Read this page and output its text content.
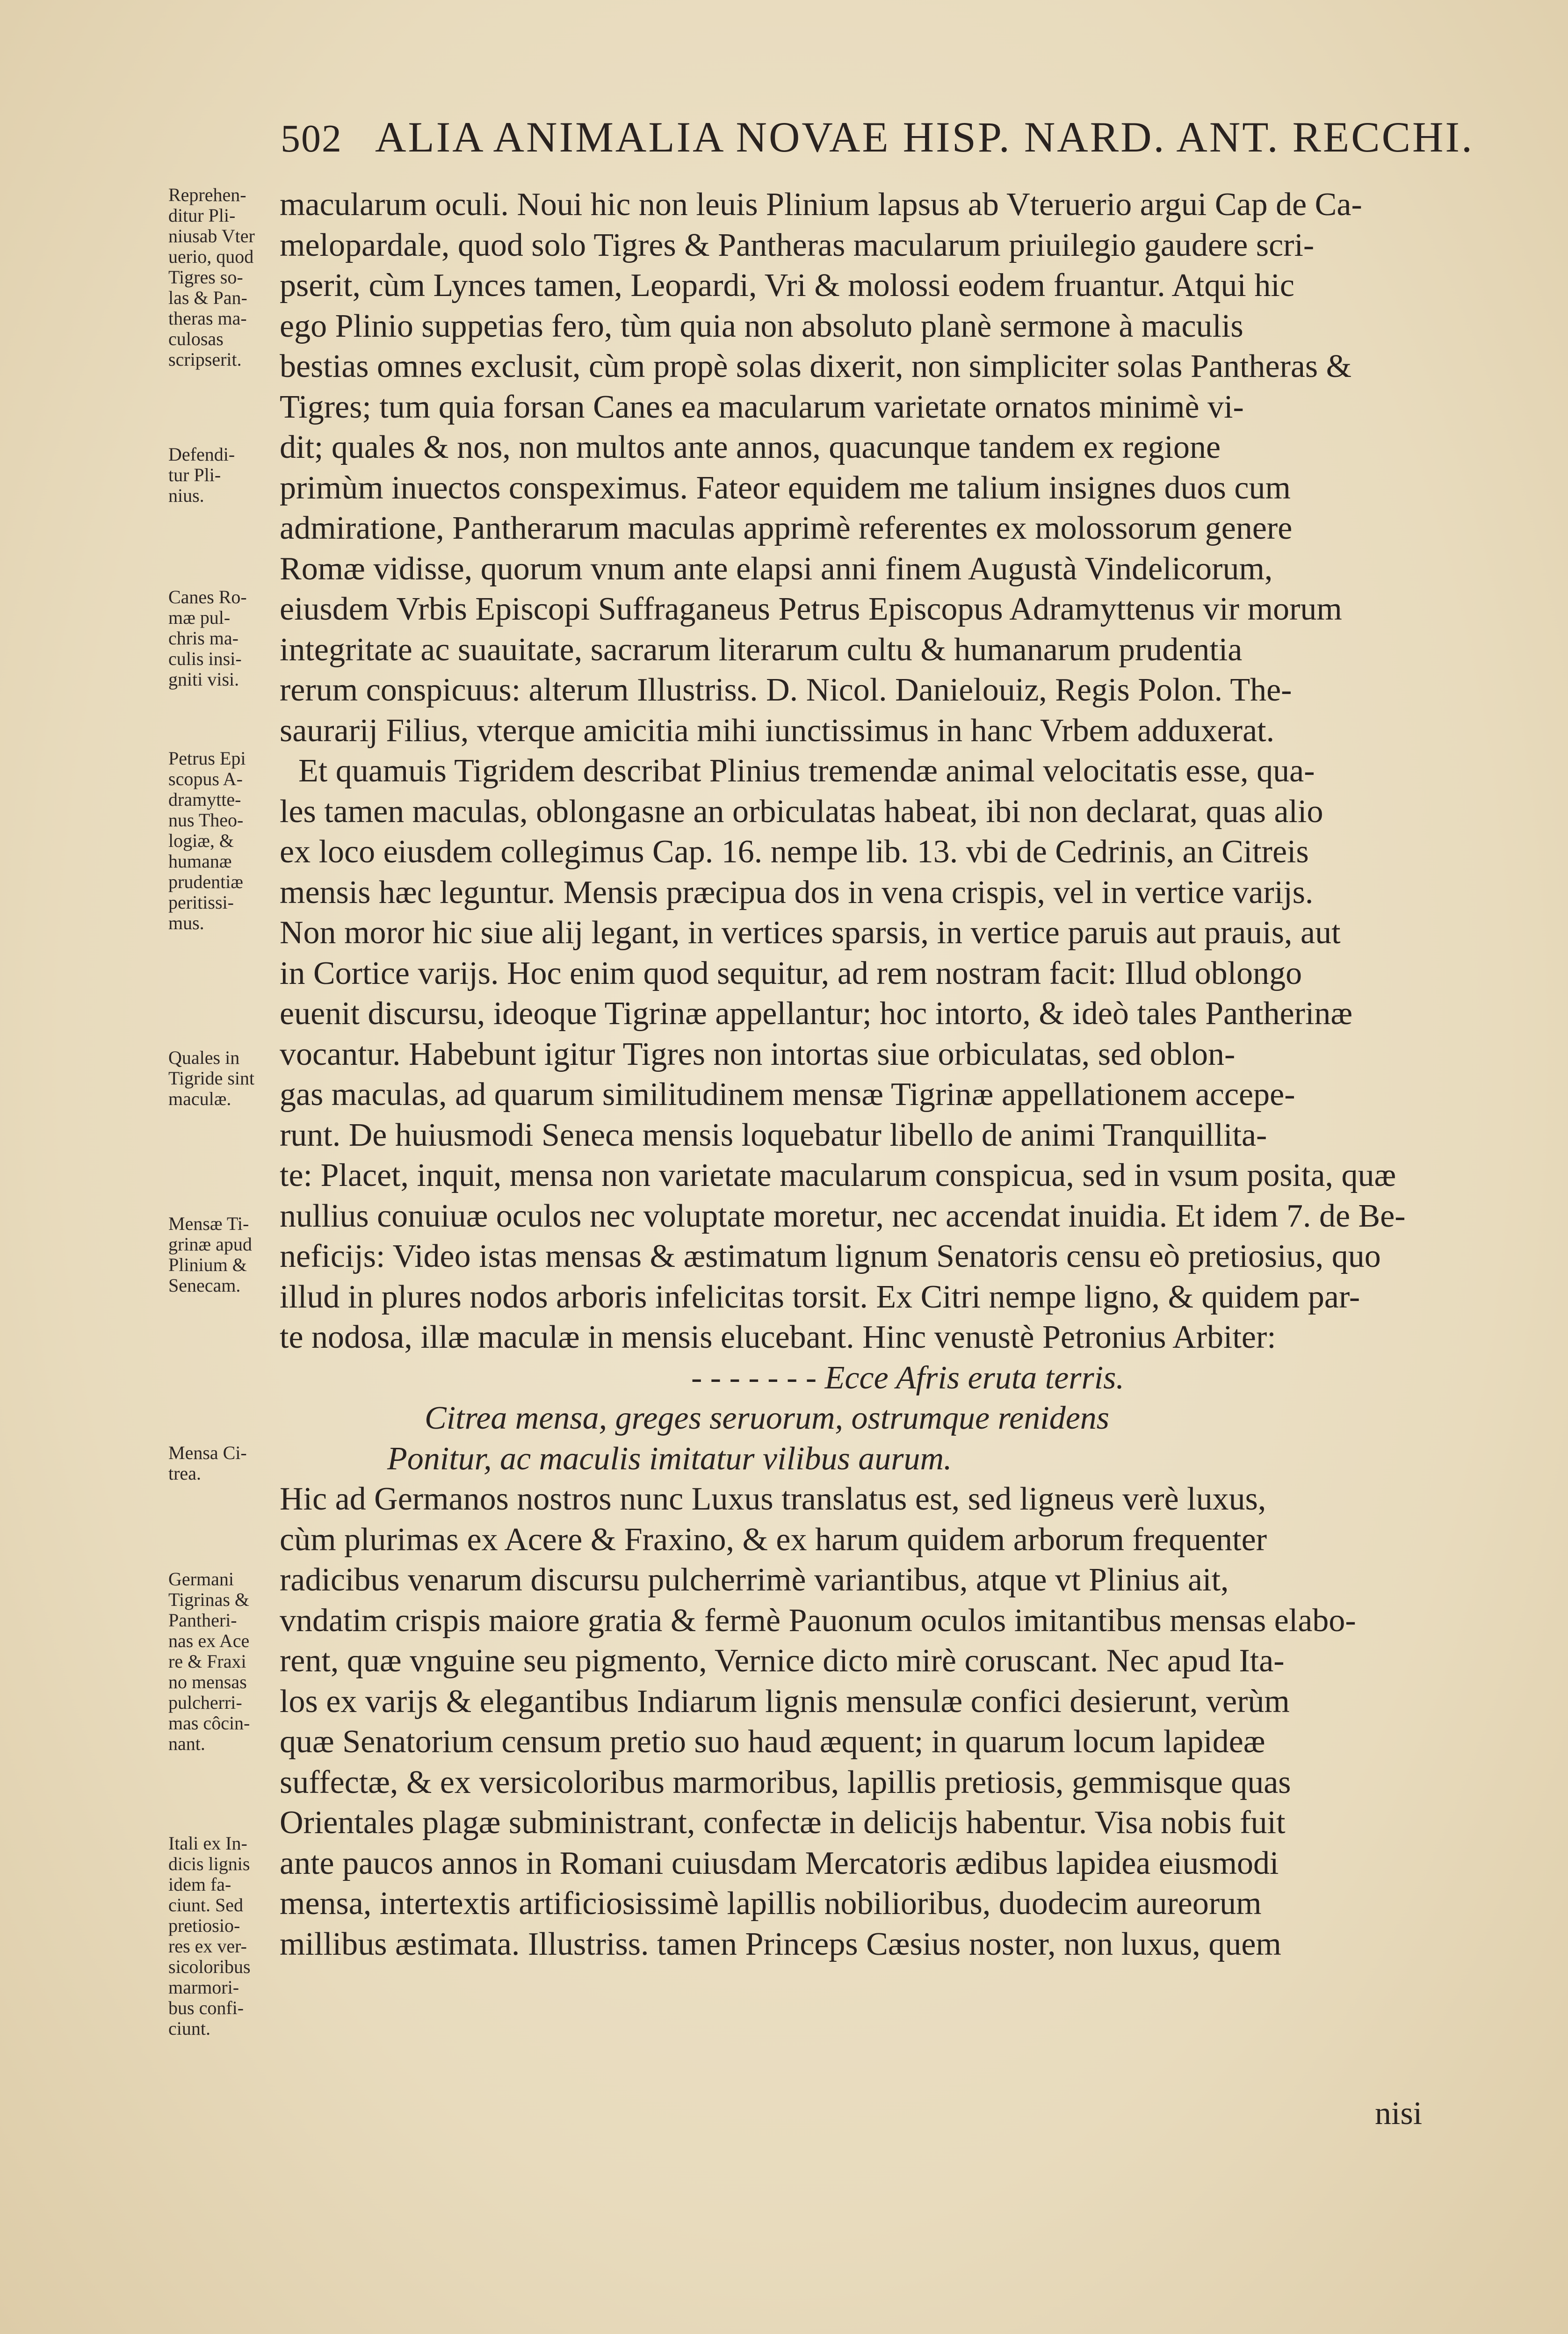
502 ALIA ANIMALIA NOVAE HISP. NARD. ANT. RECCHI.
Reprehen-
ditur Pli-
niusab Vter
uerio, quod
Tigres so-
las & Pan-
theras ma-
culosas
scripserit.
Defendi-
tur Pli-
nius.
Canes Ro-
mæ pul-
chris ma-
culis insi-
gniti visi.
Petrus Epi
scopus A-
dramytte-
nus Theo-
logiæ, &
humanæ
prudentiæ
peritissi-
mus.
Quales in
Tigride sint
maculæ.
Mensæ Ti-
grinæ apud
Plinium &
Senecam.
Mensa Ci-
trea.
Germani
Tigrinas &
Pantheri-
nas ex Ace
re & Fraxi
no mensas
pulcherri-
mas côcin-
nant.
Itali ex In-
dicis lignis
idem fa-
ciunt. Sed
pretiosio-
res ex ver-
sicoloribus
marmori-
bus confi-
ciunt.
macularum oculi. Noui hic non leuis Plinium lapsus ab Vteruerio argui Cap de Ca-
melopardale, quod solo Tigres & Pantheras macularum priuilegio gaudere scri-
pserit, cùm Lynces tamen, Leopardi, Vri & molossi eodem fruantur. Atqui hic
ego Plinio suppetias fero, tùm quia non absoluto planè sermone à maculis
bestias omnes exclusit, cùm propè solas dixerit, non simpliciter solas Pantheras &
Tigres; tum quia forsan Canes ea macularum varietate ornatos minimè vi-
dit; quales & nos, non multos ante annos, quacunque tandem ex regione
primùm inuectos conspeximus. Fateor equidem me talium insignes duos cum
admiratione, Pantherarum maculas apprimè referentes ex molossorum genere
Romæ vidisse, quorum vnum ante elapsi anni finem Augustà Vindelicorum,
eiusdem Vrbis Episcopi Suffraganeus Petrus Episcopus Adramyttenus vir morum
integritate ac suauitate, sacrarum literarum cultu & humanarum prudentia
rerum conspicuus: alterum Illustriss. D. Nicol. Danielouiz, Regis Polon. The-
saurarij Filius, vterque amicitia mihi iunctissimus in hanc Vrbem adduxerat.
Et quamuis Tigridem describat Plinius tremendæ animal velocitatis esse, qua-
les tamen maculas, oblongasne an orbiculatas habeat, ibi non declarat, quas alio
ex loco eiusdem collegimus Cap. 16. nempe lib. 13. vbi de Cedrinis, an Citreis
mensis hæc leguntur. Mensis præcipua dos in vena crispis, vel in vertice varijs.
Non moror hic siue alij legant, in vertices sparsis, in vertice paruis aut prauis, aut
in Cortice varijs. Hoc enim quod sequitur, ad rem nostram facit: Illud oblongo
euenit discursu, ideoque Tigrinæ appellantur; hoc intorto, & ideò tales Pantherinæ
vocantur. Habebunt igitur Tigres non intortas siue orbiculatas, sed oblon-
gas maculas, ad quarum similitudinem mensæ Tigrinæ appellationem accepe-
runt. De huiusmodi Seneca mensis loquebatur libello de animi Tranquillita-
te: Placet, inquit, mensa non varietate macularum conspicua, sed in vsum posita, quæ
nullius conuiuæ oculos nec voluptate moretur, nec accendat inuidia. Et idem 7. de Be-
neficijs: Video istas mensas & æstimatum lignum Senatoris censu eò pretiosius, quo
illud in plures nodos arboris infelicitas torsit. Ex Citri nempe ligno, & quidem par-
te nodosa, illæ maculæ in mensis elucebant. Hinc venustè Petronius Arbiter:
- - - - - - - Ecce Afris eruta terris.
Citrea mensa, greges seruorum, ostrumque renidens
Ponitur, ac maculis imitatur vilibus aurum.
Hic ad Germanos nostros nunc Luxus translatus est, sed ligneus verè luxus,
cùm plurimas ex Acere & Fraxino, & ex harum quidem arborum frequenter
radicibus venarum discursu pulcherrimè variantibus, atque vt Plinius ait,
vndatim crispis maiore gratia & fermè Pauonum oculos imitantibus mensas elabo-
rent, quæ vnguine seu pigmento, Vernice dicto mirè coruscant. Nec apud Ita-
los ex varijs & elegantibus Indiarum lignis mensulæ confici desierunt, verùm
quæ Senatorium censum pretio suo haud æquent; in quarum locum lapideæ
suffectæ, & ex versicoloribus marmoribus, lapillis pretiosis, gemmisque quas
Orientales plagæ subministrant, confectæ in delicijs habentur. Visa nobis fuit
ante paucos annos in Romani cuiusdam Mercatoris ædibus lapidea eiusmodi
mensa, intertextis artificiosissimè lapillis nobilioribus, duodecim aureorum
millibus æstimata. Illustriss. tamen Princeps Cæsius noster, non luxus, quem
nisi
